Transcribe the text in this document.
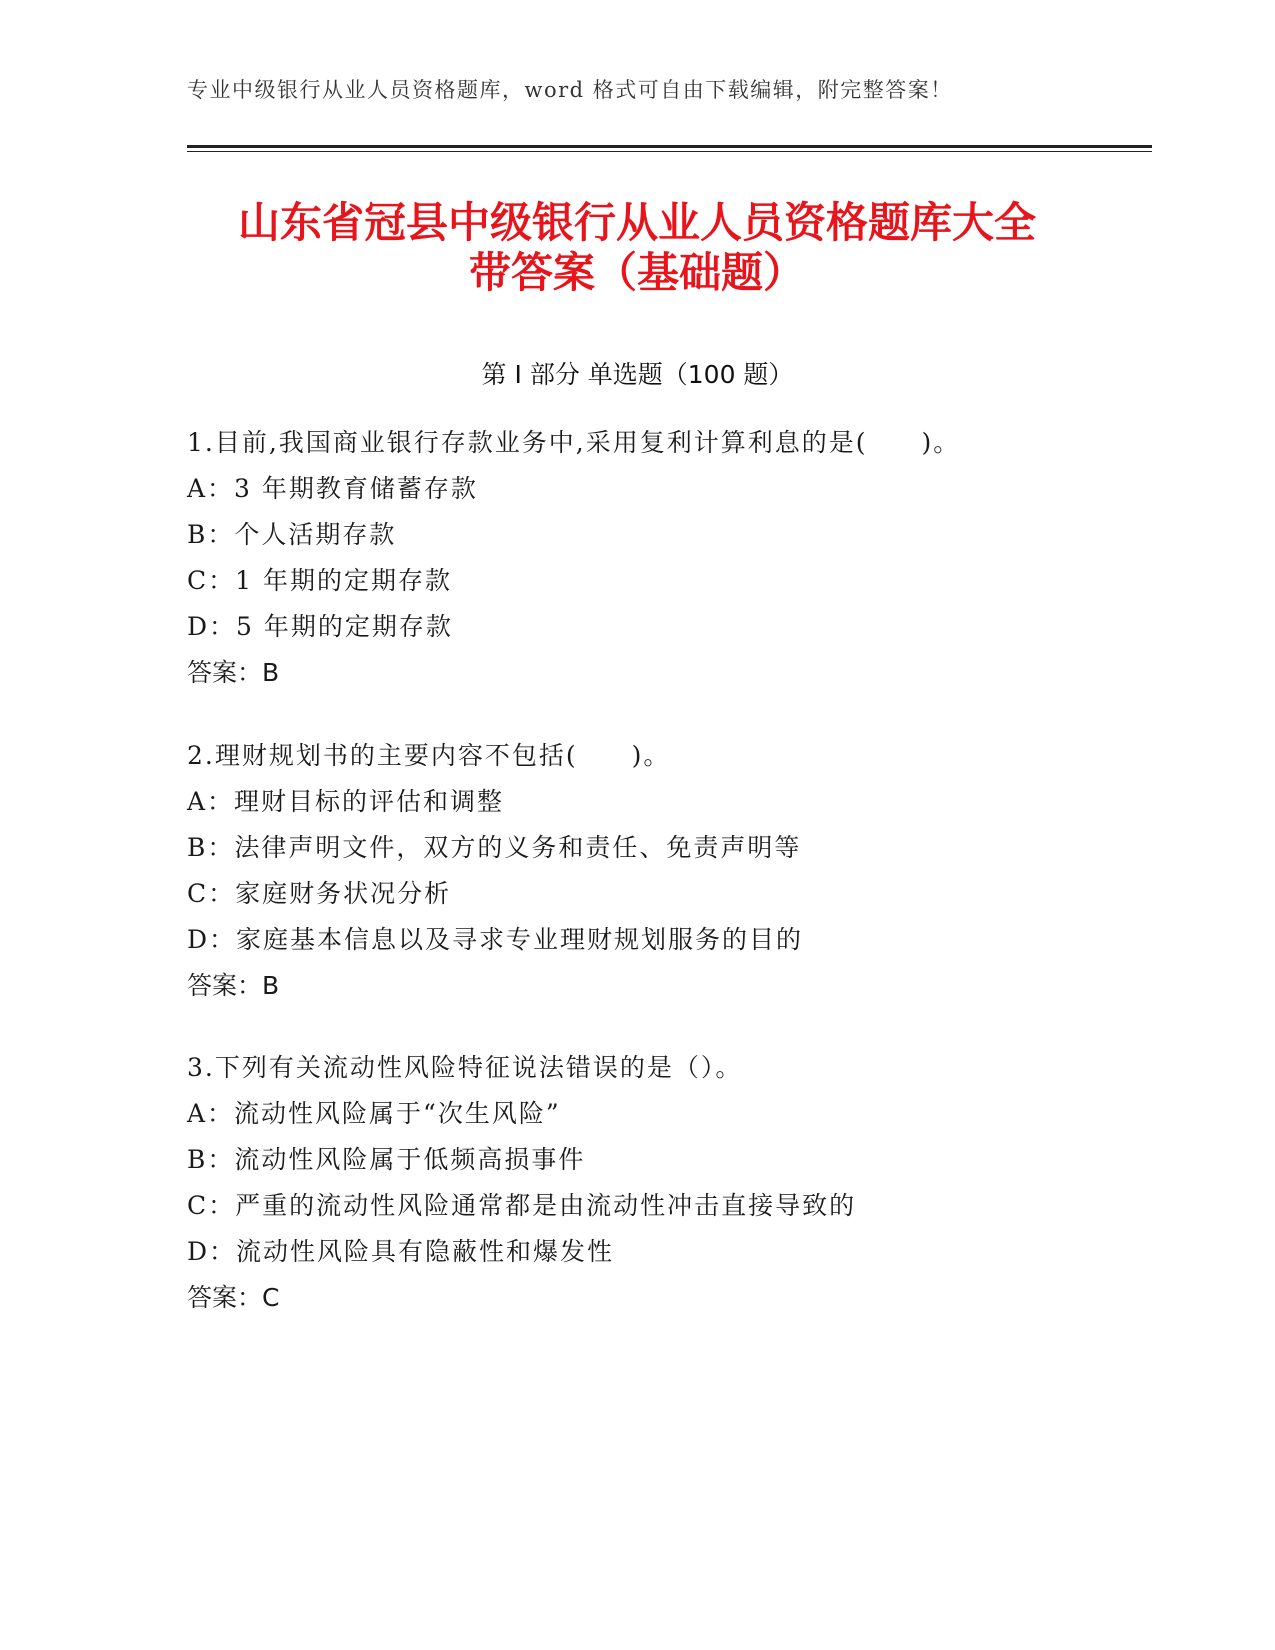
专业中级银行从业人员资格题库，word 格式可自由下载编辑，附完整答案！
山东省冠县中级银行从业人员资格题库大全
带答案（基础题）
第 I 部分 单选题（100 题）
1.目前,我国商业银行存款业务中,采用复利计算利息的是(　　)。
A：3 年期教育储蓄存款
B：个人活期存款
C：1 年期的定期存款
D：5 年期的定期存款
答案：B
2.理财规划书的主要内容不包括(　　)。
A：理财目标的评估和调整
B：法律声明文件，双方的义务和责任、免责声明等
C：家庭财务状况分析
D：家庭基本信息以及寻求专业理财规划服务的目的
答案：B
3.下列有关流动性风险特征说法错误的是（）。
A：流动性风险属于“次生风险”
B：流动性风险属于低频高损事件
C：严重的流动性风险通常都是由流动性冲击直接导致的
D：流动性风险具有隐蔽性和爆发性
答案：C
